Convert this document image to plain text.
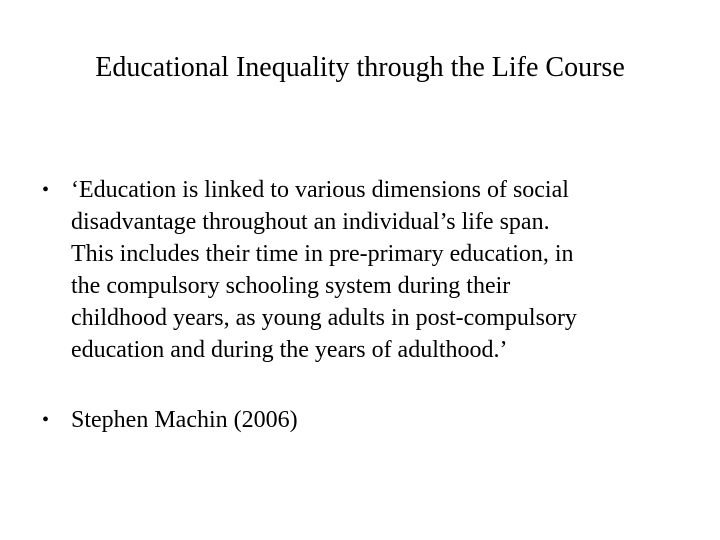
Educational Inequality through the Life Course
• ‘Education is linked to various dimensions of social
disadvantage throughout an individual’s life span.
This includes their time in pre-primary education, in
the compulsory schooling system during their
childhood years, as young adults in post-compulsory
education and during the years of adulthood.’
• Stephen Machin (2006)
